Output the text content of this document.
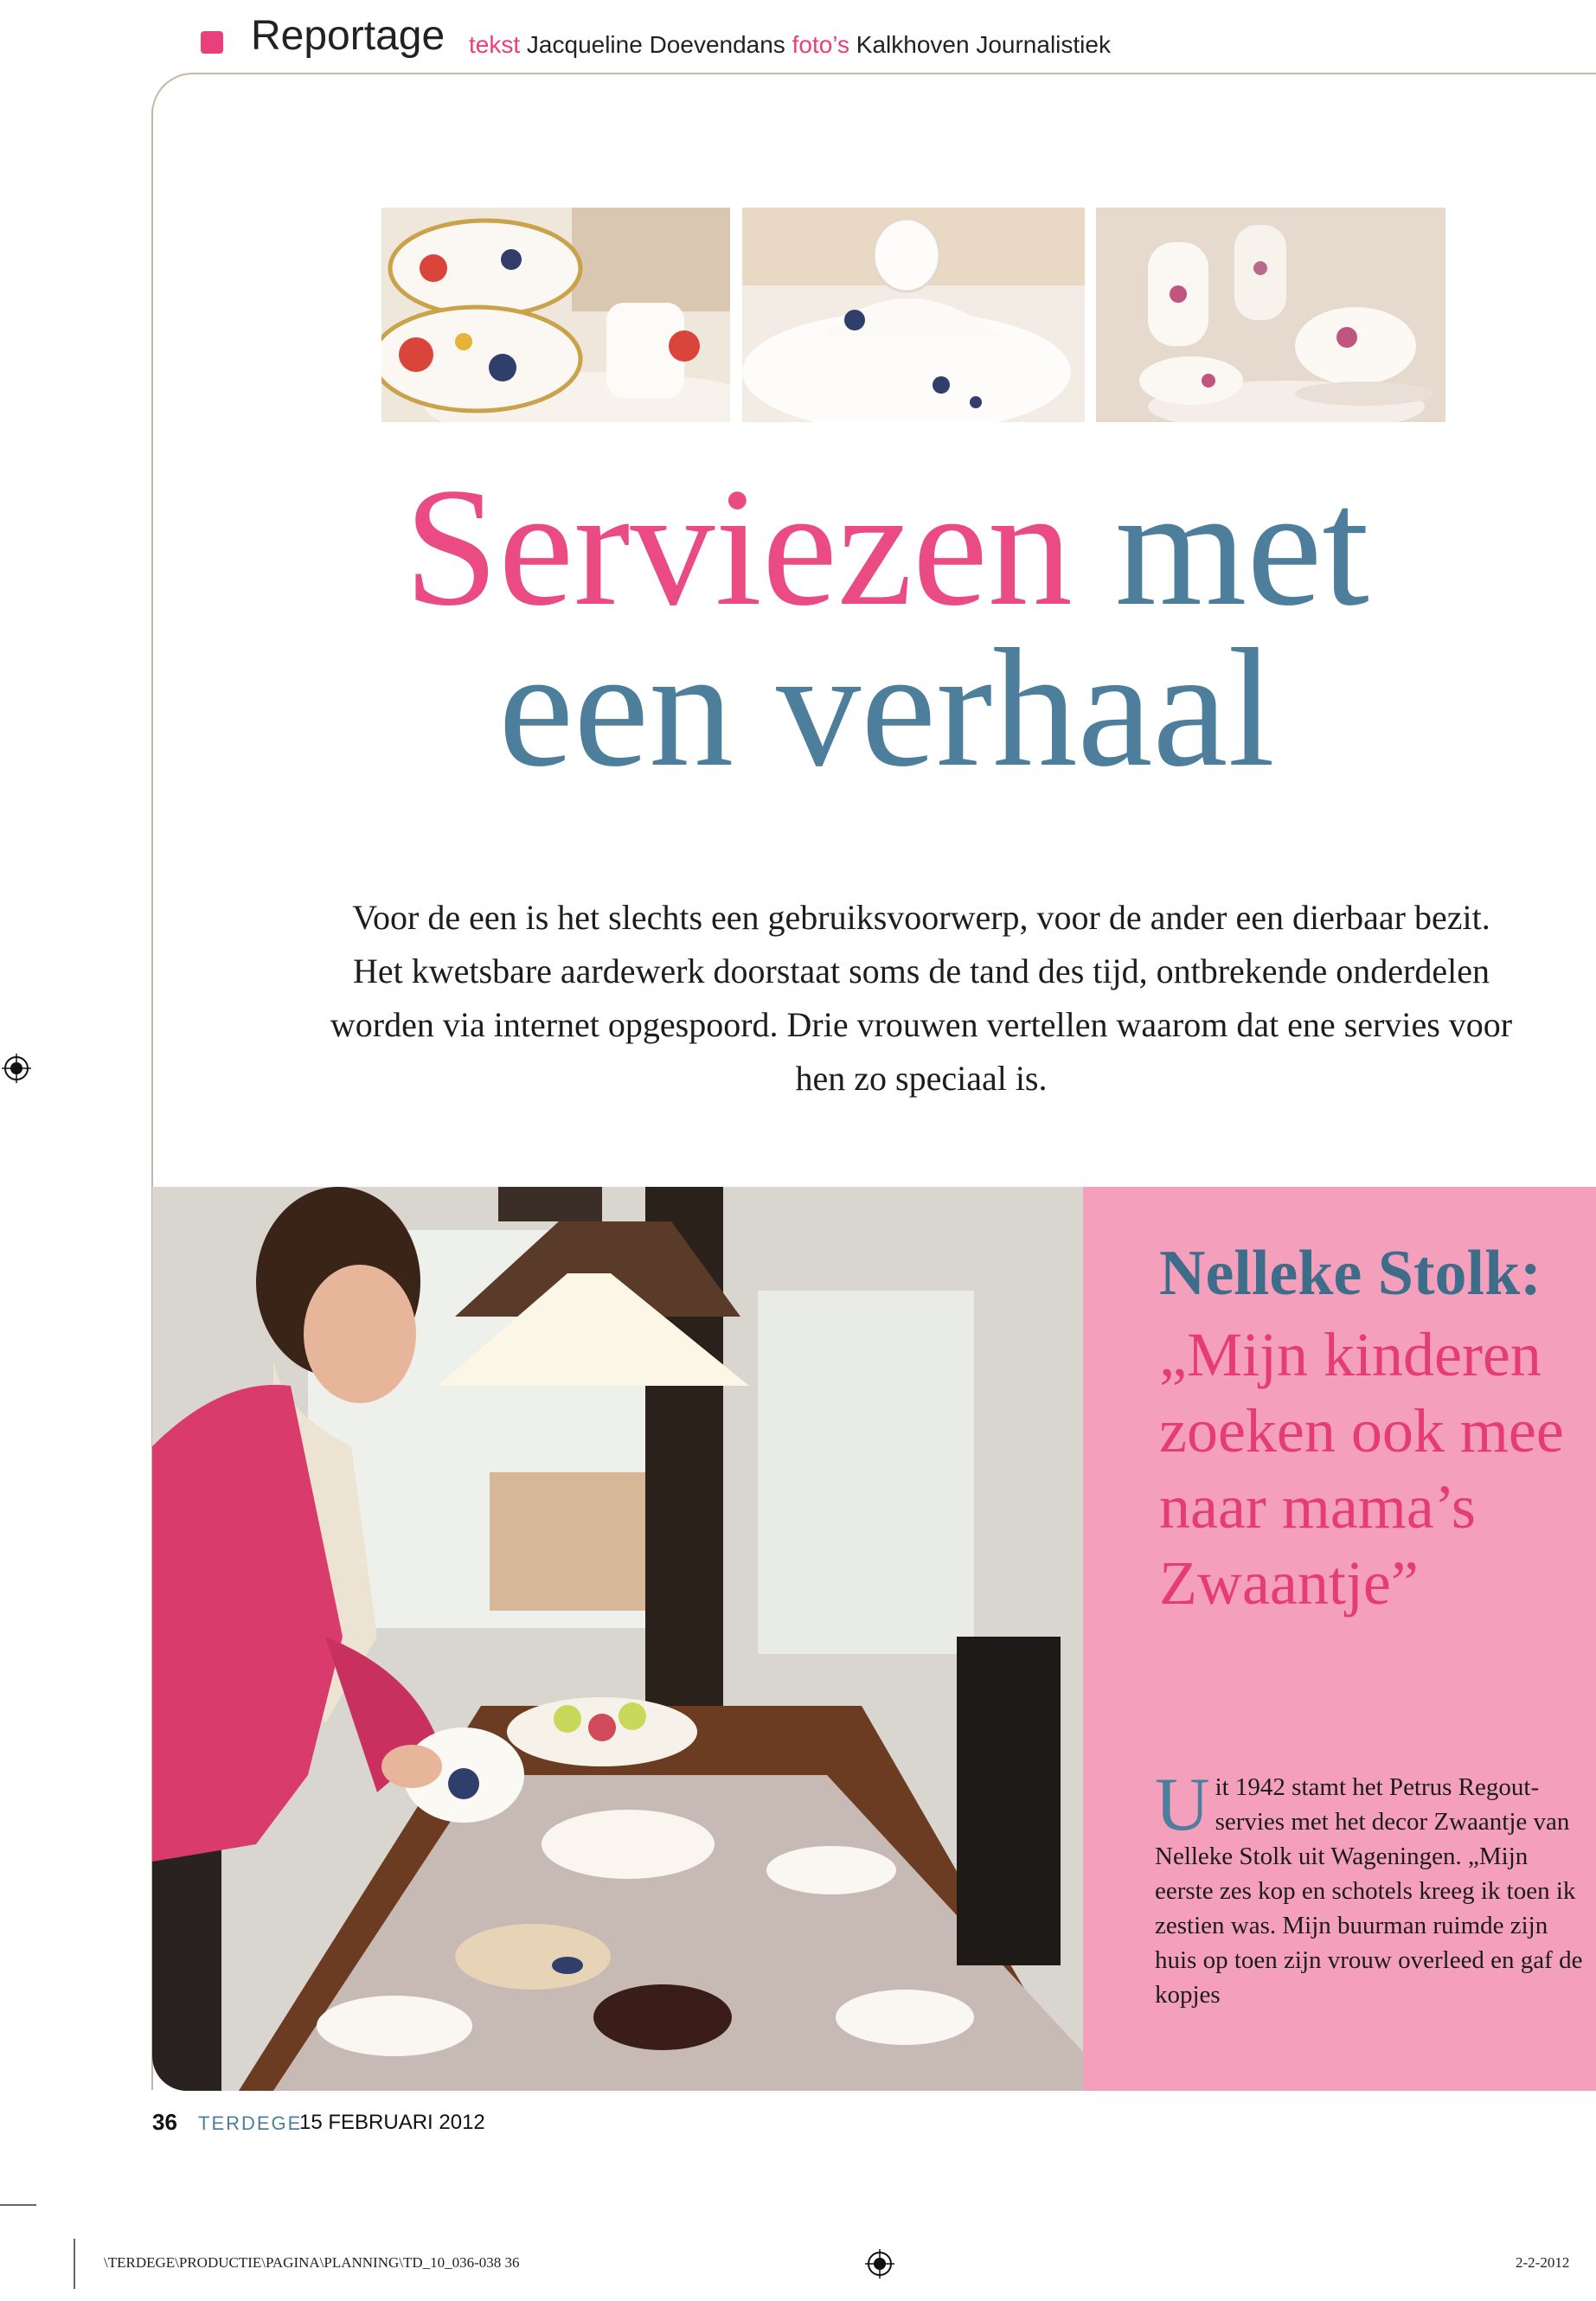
Reportage tekst Jacqueline Doevendans foto’s Kalkhoven Journalistiek
Serviezen met
een verhaal
Voor de een is het slechts een gebruiksvoorwerp, voor de ander een dierbaar bezit. Het kwetsbare aardewerk doorstaat soms de tand des tijd, ontbrekende onderdelen worden via internet opgespoord. Drie vrouwen vertellen waarom dat ene servies voor hen zo speciaal is.
Nelleke Stolk:
„Mijn kinderen zoeken ook mee naar mama’s Zwaantje”
Uit 1942 stamt het Petrus Regout-servies met het decor Zwaantje van Nelleke Stolk uit Wageningen. „Mijn eerste zes kop en schotels kreeg ik toen ik zestien was. Mijn buurman ruimde zijn huis op toen zijn vrouw overleed en gaf de kopjes
36 TERDEGE
15 FEBRUARI 2012
\TERDEGE\PRODUCTIE\PAGINA\PLANNING\TD_10_036-038 36	2-2-2012
